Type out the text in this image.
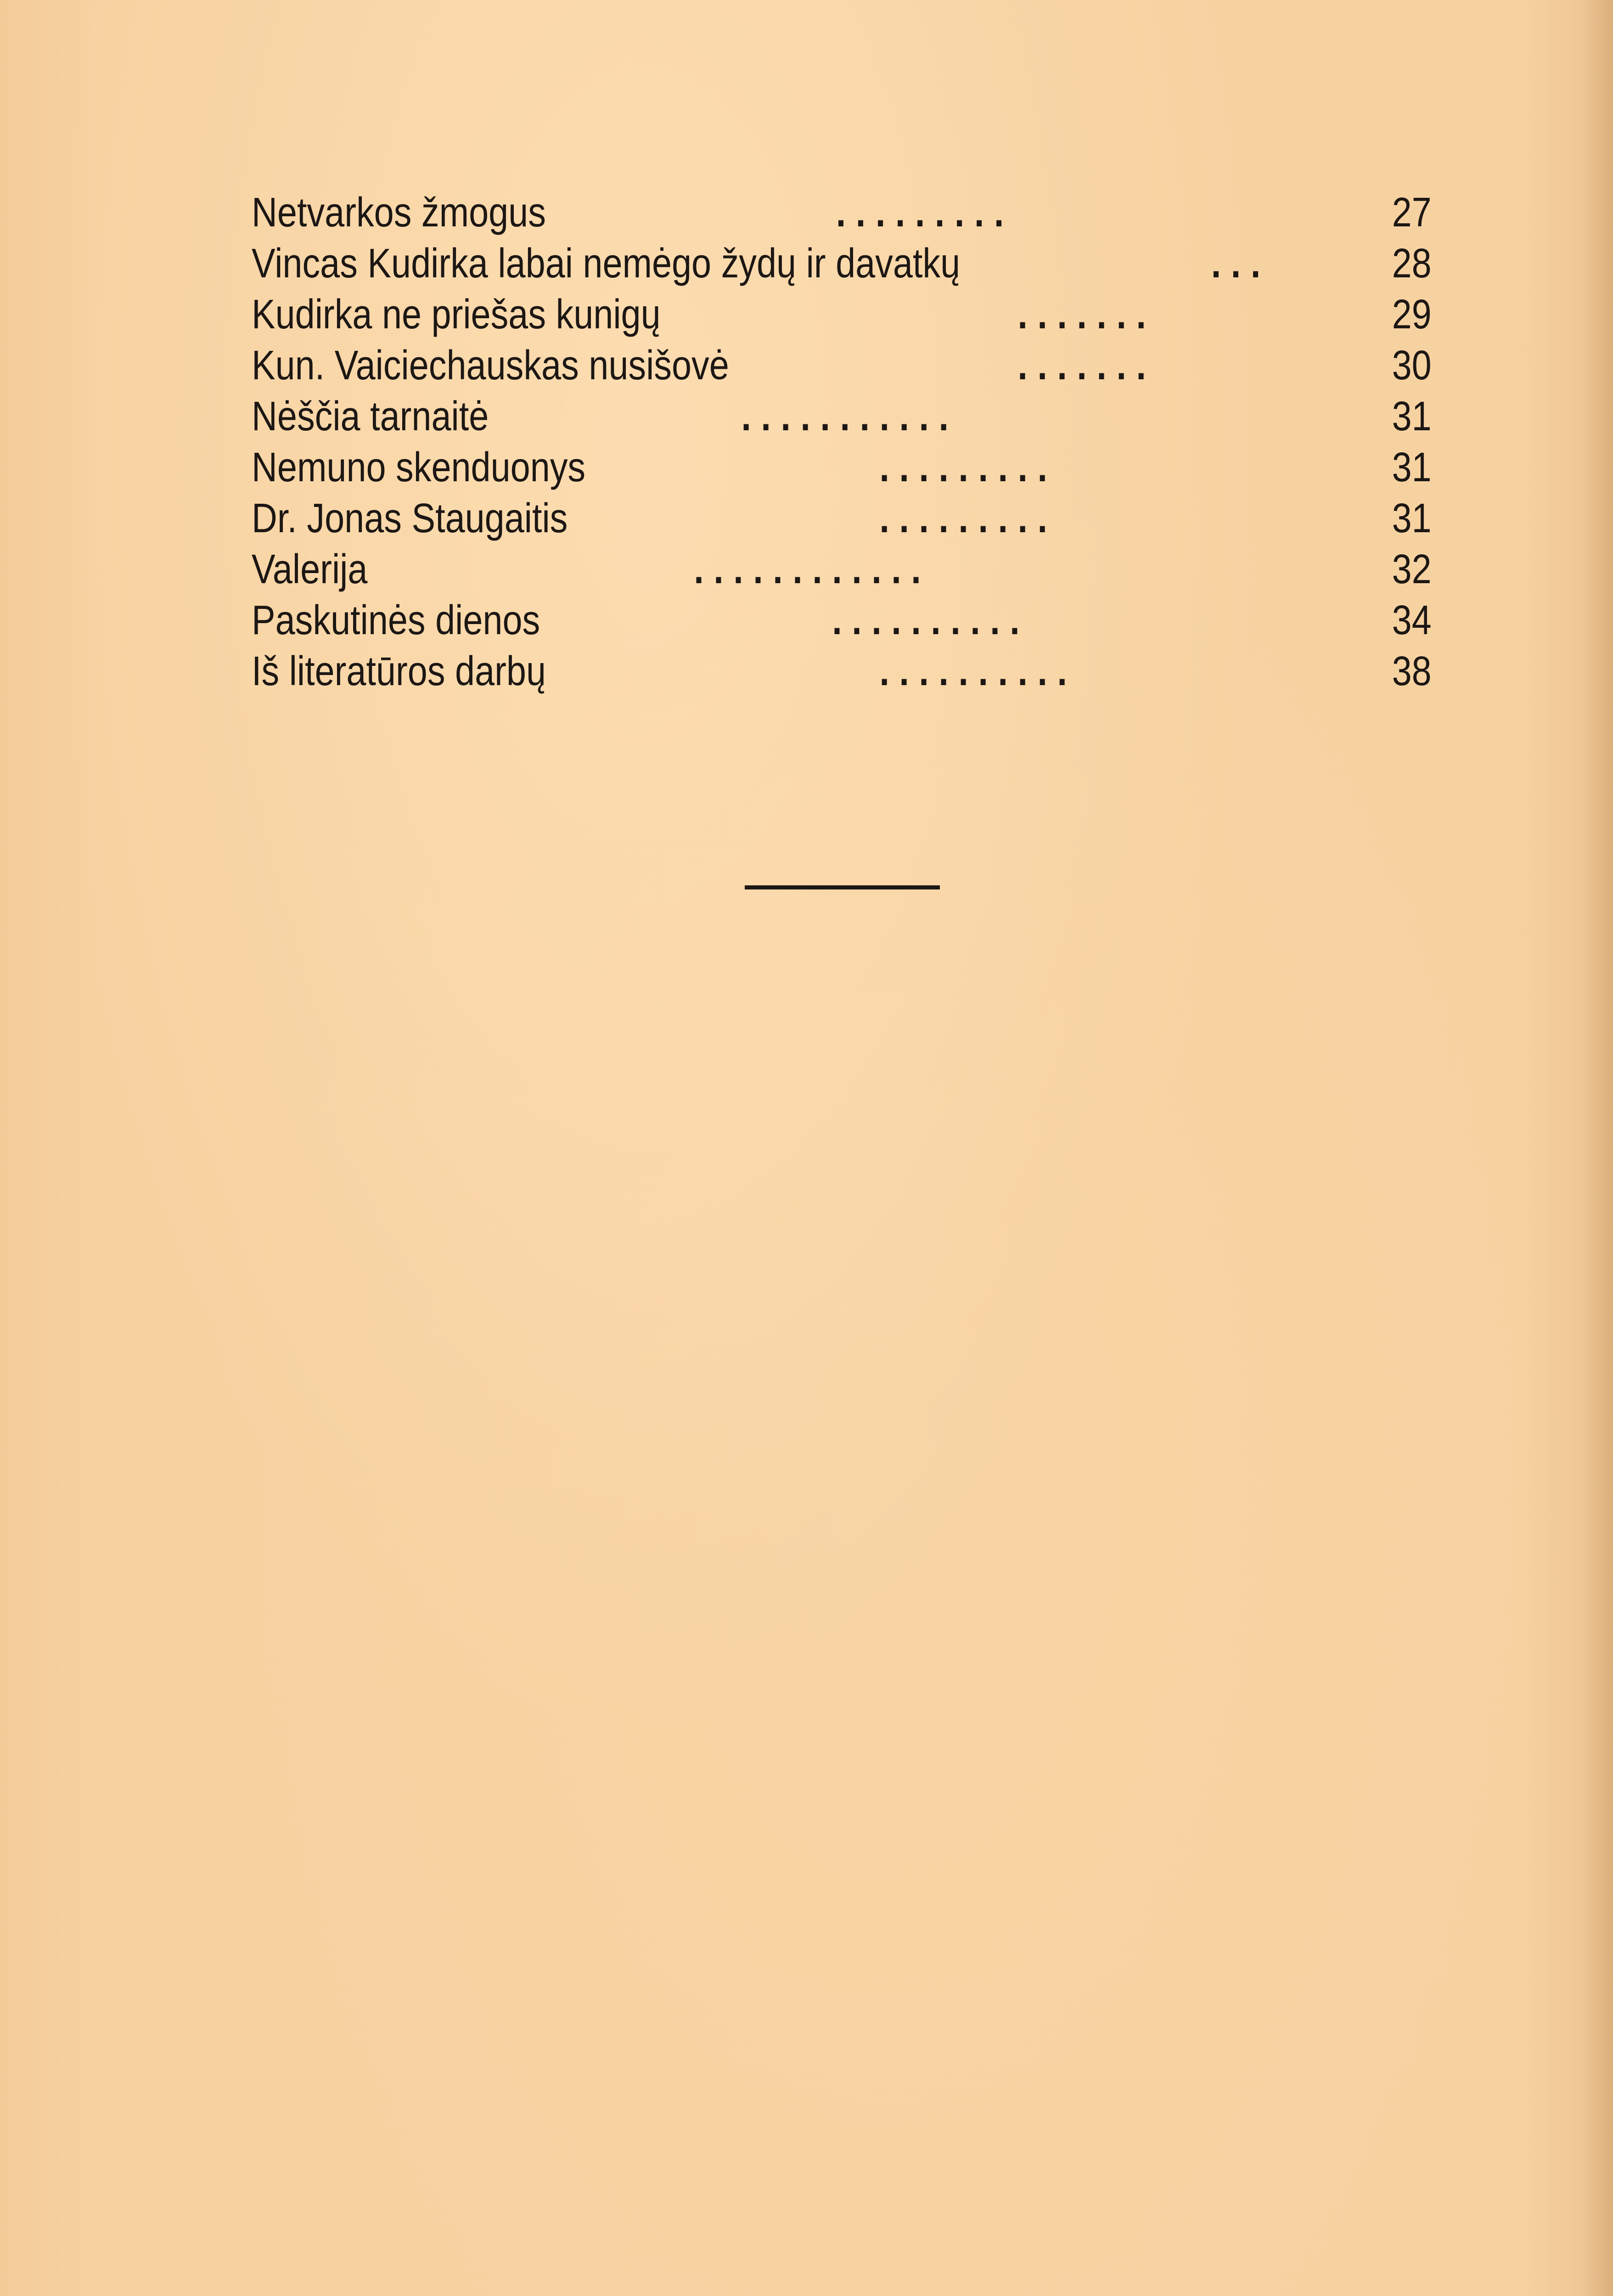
Netvarkos žmogus	. . . . . . . . .	27
Vincas Kudirka labai nemėgo žydų ir davatkų	. . .	28
Kudirka ne priešas kunigų	. . . . . . .	29
Kun. Vaiciechauskas nusišovė	. . . . . . .	30
Nėščia tarnaitė	. . . . . . . . . . .	31
Nemuno skenduonys	. . . . . . . . .	31
Dr. Jonas Staugaitis	. . . . . . . . .	31
Valerija	. . . . . . . . . . . .	32
Paskutinės dienos	. . . . . . . . . .	34
Iš literatūros darbų	. . . . . . . . . .	38
